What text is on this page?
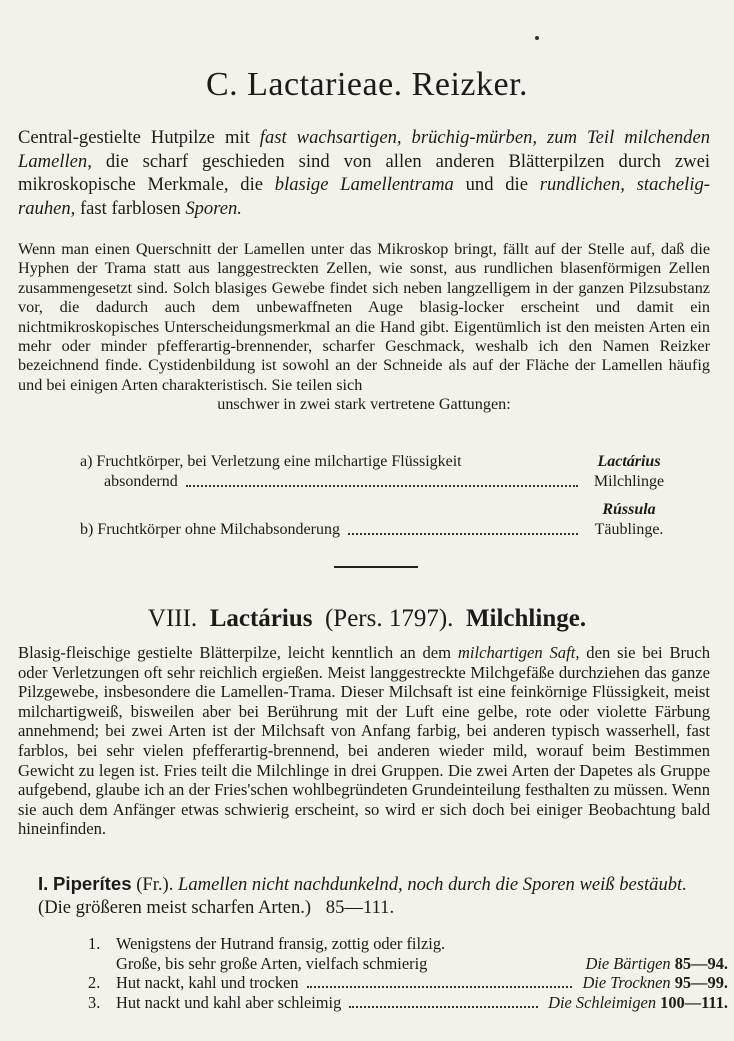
C. Lactarieae. Reizker.
Central-gestielte Hutpilze mit fast wachsartigen, brüchig-mürben, zum Teil milchenden Lamellen, die scharf geschieden sind von allen anderen Blätterpilzen durch zwei mikroskopische Merkmale, die blasige Lamellentrama und die rundlichen, stachelig-rauhen, fast farblosen Sporen.
Wenn man einen Querschnitt der Lamellen unter das Mikroskop bringt, fällt auf der Stelle auf, daß die Hyphen der Trama statt aus langgestreckten Zellen, wie sonst, aus rundlichen blasenförmigen Zellen zusammengesetzt sind. Solch blasiges Gewebe findet sich neben langzelligem in der ganzen Pilzsubstanz vor, die dadurch auch dem unbewaffneten Auge blasig-locker erscheint und damit ein nichtmikroskopisches Unterscheidungsmerkmal an die Hand gibt. Eigentümlich ist den meisten Arten ein mehr oder minder pfefferartig-brennender, scharfer Geschmack, weshalb ich den Namen Reizker bezeichnend finde. Cystidenbildung ist sowohl an der Schneide als auf der Fläche der Lamellen häufig und bei einigen Arten charakteristisch. Sie teilen sich
unschwer in zwei stark vertretene Gattungen:
a) Fruchtkörper, bei Verletzung eine milchartige Flüssigkeit	Lactárius
absondernd	Milchlinge
Rússula
b) Fruchtkörper ohne Milchabsonderung	Täublinge.
VIII. Lactárius (Pers. 1797). Milchlinge.
Blasig-fleischige gestielte Blätterpilze, leicht kenntlich an dem milchartigen Saft, den sie bei Bruch oder Verletzungen oft sehr reichlich ergießen. Meist langgestreckte Milchgefäße durchziehen das ganze Pilzgewebe, insbesondere die Lamellen-Trama. Dieser Milchsaft ist eine feinkörnige Flüssigkeit, meist milchartigweiß, bisweilen aber bei Berührung mit der Luft eine gelbe, rote oder violette Färbung annehmend; bei zwei Arten ist der Milchsaft von Anfang farbig, bei anderen typisch wasserhell, fast farblos, bei sehr vielen pfefferartig-brennend, bei anderen wieder mild, worauf beim Bestimmen Gewicht zu legen ist. Fries teilt die Milchlinge in drei Gruppen. Die zwei Arten der Dapetes als Gruppe aufgebend, glaube ich an der Fries'schen wohlbegründeten Grundeinteilung festhalten zu müssen. Wenn sie auch dem Anfänger etwas schwierig erscheint, so wird er sich doch bei einiger Beobachtung bald hineinfinden.
I. Piperítes (Fr.). Lamellen nicht nachdunkelnd, noch durch die Sporen weiß bestäubt. (Die größeren meist scharfen Arten.) 85—111.
1. Wenigstens der Hutrand fransig, zottig oder filzig.
Große, bis sehr große Arten, vielfach schmierig	Die Bärtigen 85—94.
2. Hut nackt, kahl und trocken	Die Trocknen 95—99.
3. Hut nackt und kahl aber schleimig	Die Schleimigen 100—111.
